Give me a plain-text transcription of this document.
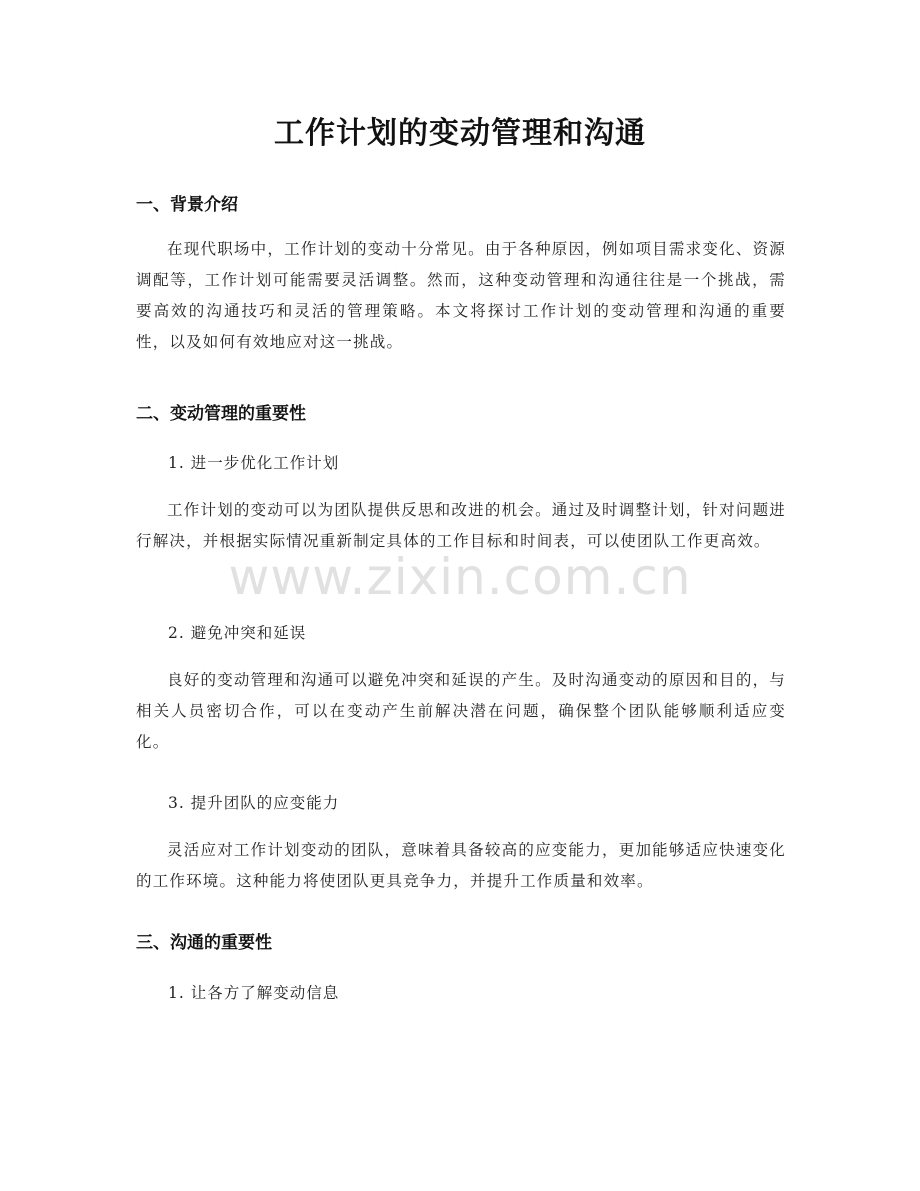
工作计划的变动管理和沟通
一、背景介绍

在现代职场中，工作计划的变动十分常见。由于各种原因，例如项目需求变化、资源调配等，工作计划可能需要灵活调整。然而，这种变动管理和沟通往往是一个挑战，需要高效的沟通技巧和灵活的管理策略。本文将探讨工作计划的变动管理和沟通的重要性，以及如何有效地应对这一挑战。

二、变动管理的重要性

1. 进一步优化工作计划

工作计划的变动可以为团队提供反思和改进的机会。通过及时调整计划，针对问题进行解决，并根据实际情况重新制定具体的工作目标和时间表，可以使团队工作更高效。

2. 避免冲突和延误

良好的变动管理和沟通可以避免冲突和延误的产生。及时沟通变动的原因和目的，与相关人员密切合作，可以在变动产生前解决潜在问题，确保整个团队能够顺利适应变化。

3. 提升团队的应变能力

灵活应对工作计划变动的团队，意味着具备较高的应变能力，更加能够适应快速变化的工作环境。这种能力将使团队更具竞争力，并提升工作质量和效率。

三、沟通的重要性

1. 让各方了解变动信息

www.zixin.com.cn
